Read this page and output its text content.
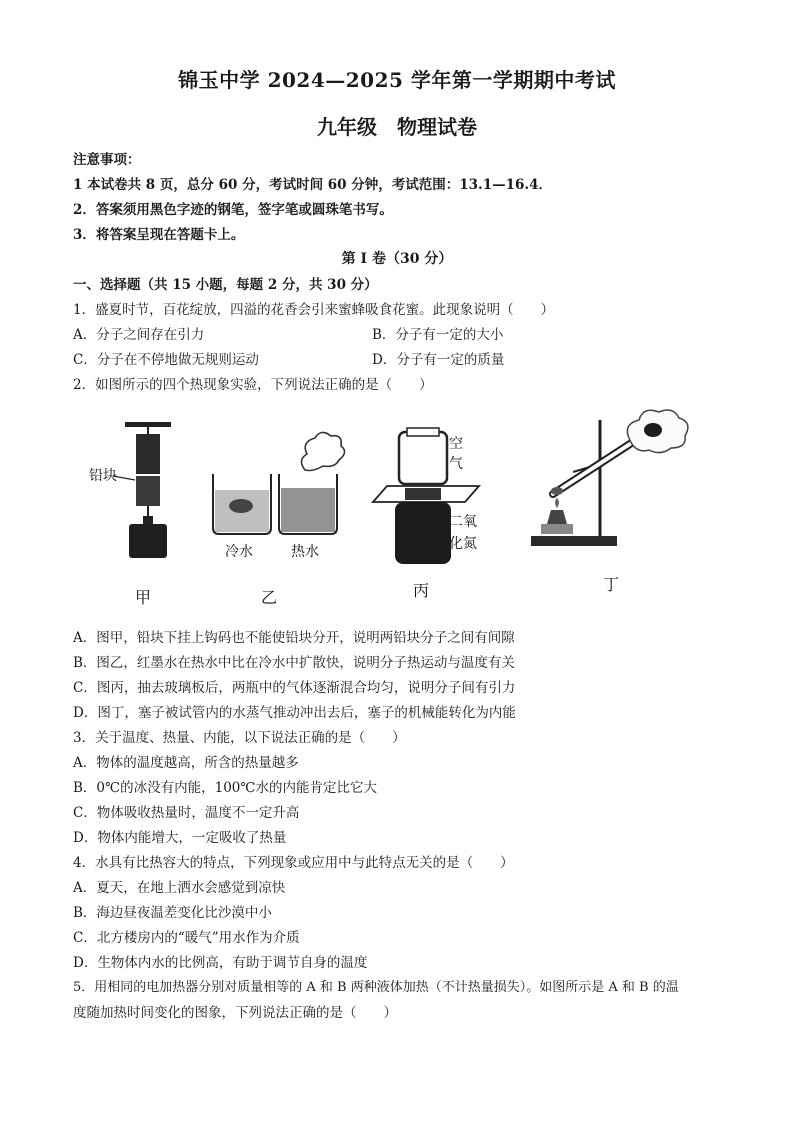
锦玉中学 2024—2025 学年第一学期期中考试
九年级　物理试卷
注意事项：
1 本试卷共 8 页，总分 60 分，考试时间 60 分钟，考试范围：13.1—16.4．
2．答案须用黑色字迹的钢笔，签字笔或圆珠笔书写。
3．将答案呈现在答题卡上。
第 I 卷（30 分）
一、选择题（共 15 小题，每题 2 分，共 30 分）
1．盛夏时节，百花绽放，四溢的花香会引来蜜蜂吸食花蜜。此现象说明（　　）
A．分子之间存在引力	B．分子有一定的大小
C．分子在不停地做无规则运动	D．分子有一定的质量
2．如图所示的四个热现象实验，下列说法正确的是（　　）
铅块
甲
冷水	热水
乙
空
气
二氧
化氮
丙	丁
A．图甲，铅块下挂上钩码也不能使铅块分开，说明两铅块分子之间有间隙
B．图乙，红墨水在热水中比在冷水中扩散快，说明分子热运动与温度有关
C．图丙，抽去玻璃板后，两瓶中的气体逐渐混合均匀，说明分子间有引力
D．图丁，塞子被试管内的水蒸气推动冲出去后，塞子的机械能转化为内能
3．关于温度、热量、内能，以下说法正确的是（　　）
A．物体的温度越高，所含的热量越多
B．0℃的冰没有内能，100℃水的内能肯定比它大
C．物体吸收热量时，温度不一定升高
D．物体内能增大，一定吸收了热量
4．水具有比热容大的特点，下列现象或应用中与此特点无关的是（　　）
A．夏天，在地上洒水会感觉到凉快
B．海边昼夜温差变化比沙漠中小
C．北方楼房内的“暖气”用水作为介质
D．生物体内水的比例高，有助于调节自身的温度
5．用相同的电加热器分别对质量相等的 A 和 B 两种液体加热（不计热量损失）。如图所示是 A 和 B 的温
度随加热时间变化的图象，下列说法正确的是（　　）
